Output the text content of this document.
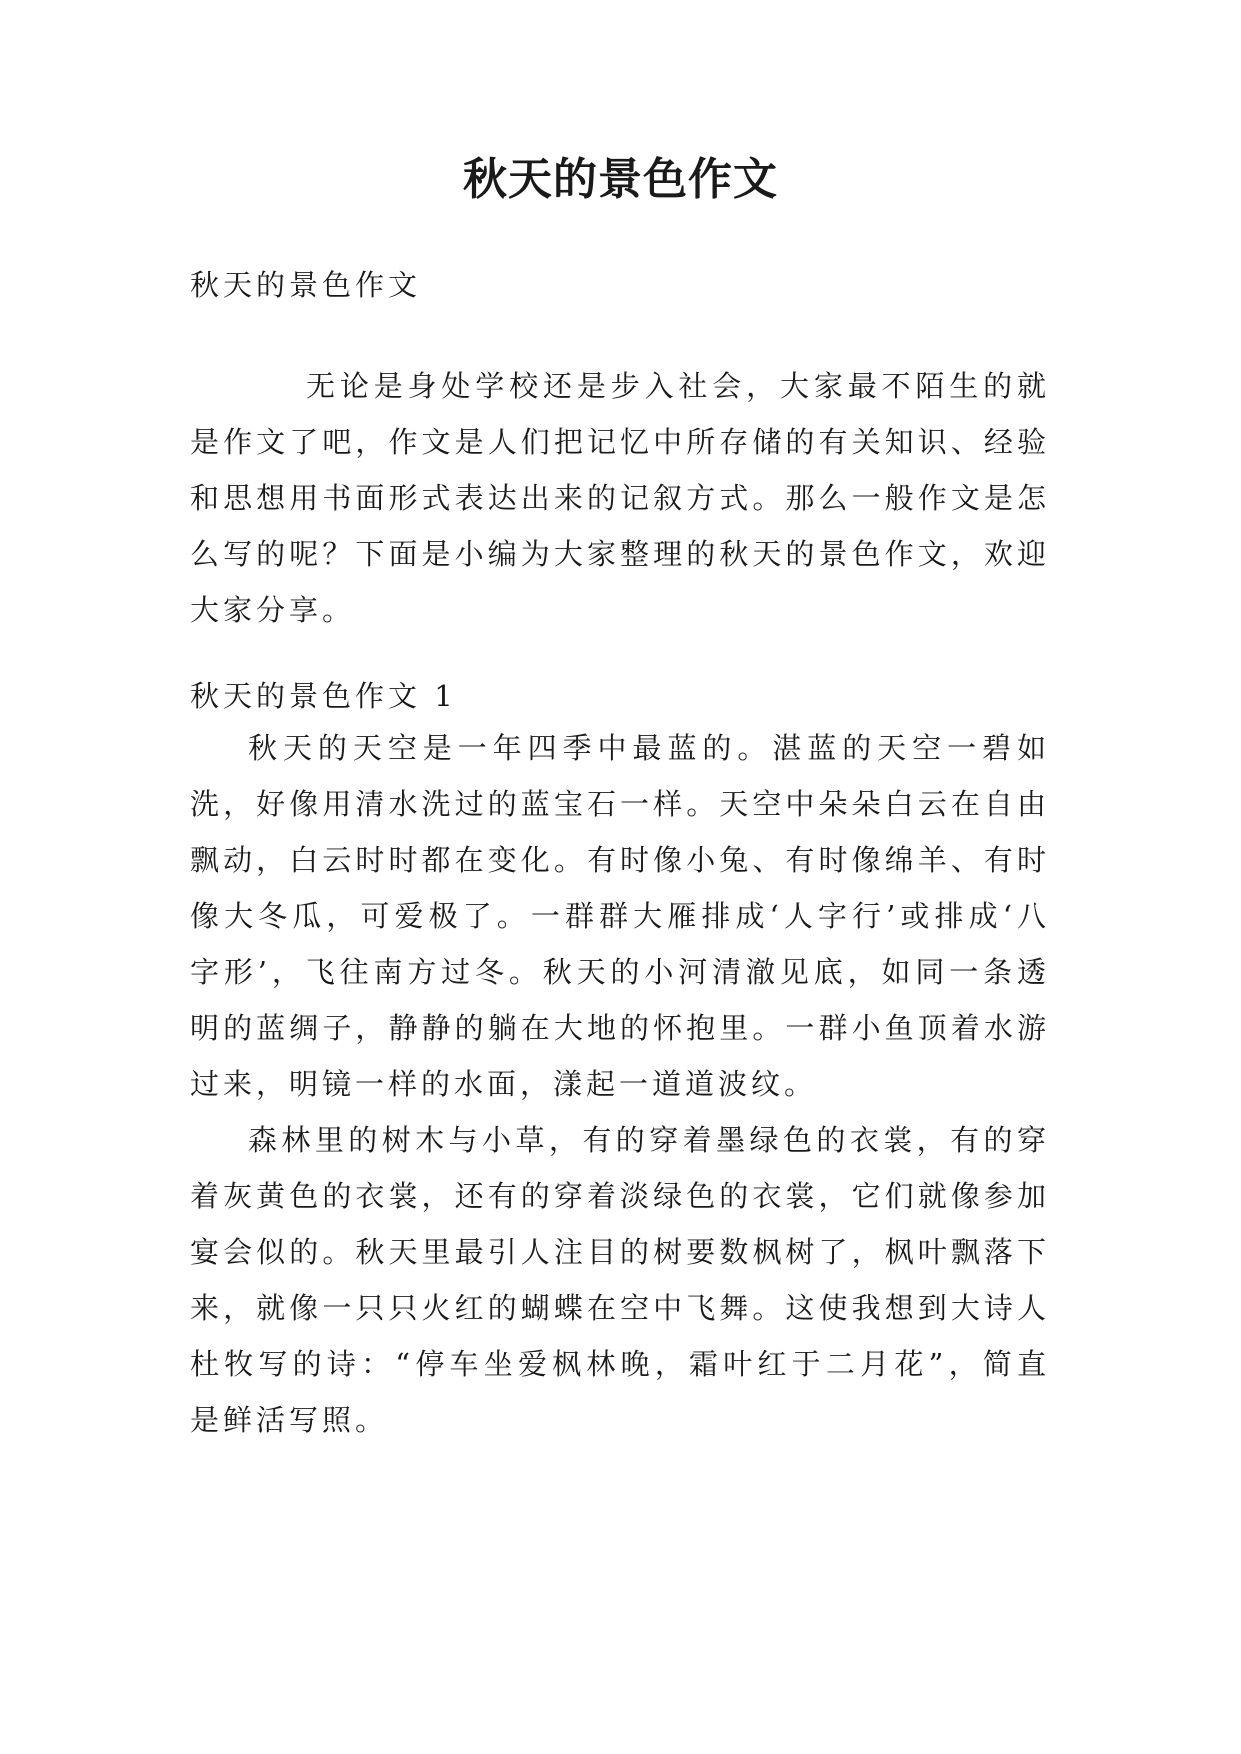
秋天的景色作文
秋天的景色作文

无论是身处学校还是步入社会，大家最不陌生的就是作文了吧，作文是人们把记忆中所存储的有关知识、经验和思想用书面形式表达出来的记叙方式。那么一般作文是怎么写的呢？下面是小编为大家整理的秋天的景色作文，欢迎大家分享。

秋天的景色作文 1

秋天的天空是一年四季中最蓝的。湛蓝的天空一碧如洗，好像用清水洗过的蓝宝石一样。天空中朵朵白云在自由飘动，白云时时都在变化。有时像小兔、有时像绵羊、有时像大冬瓜，可爱极了。一群群大雁排成‘人字行’或排成‘八字形’，飞往南方过冬。秋天的小河清澈见底，如同一条透明的蓝绸子，静静的躺在大地的怀抱里。一群小鱼顶着水游过来，明镜一样的水面，漾起一道道波纹。

森林里的树木与小草，有的穿着墨绿色的衣裳，有的穿着灰黄色的衣裳，还有的穿着淡绿色的衣裳，它们就像参加宴会似的。秋天里最引人注目的树要数枫树了，枫叶飘落下来，就像一只只火红的蝴蝶在空中飞舞。这使我想到大诗人杜牧写的诗：“停车坐爱枫林晚，霜叶红于二月花”，简直是鲜活写照。
